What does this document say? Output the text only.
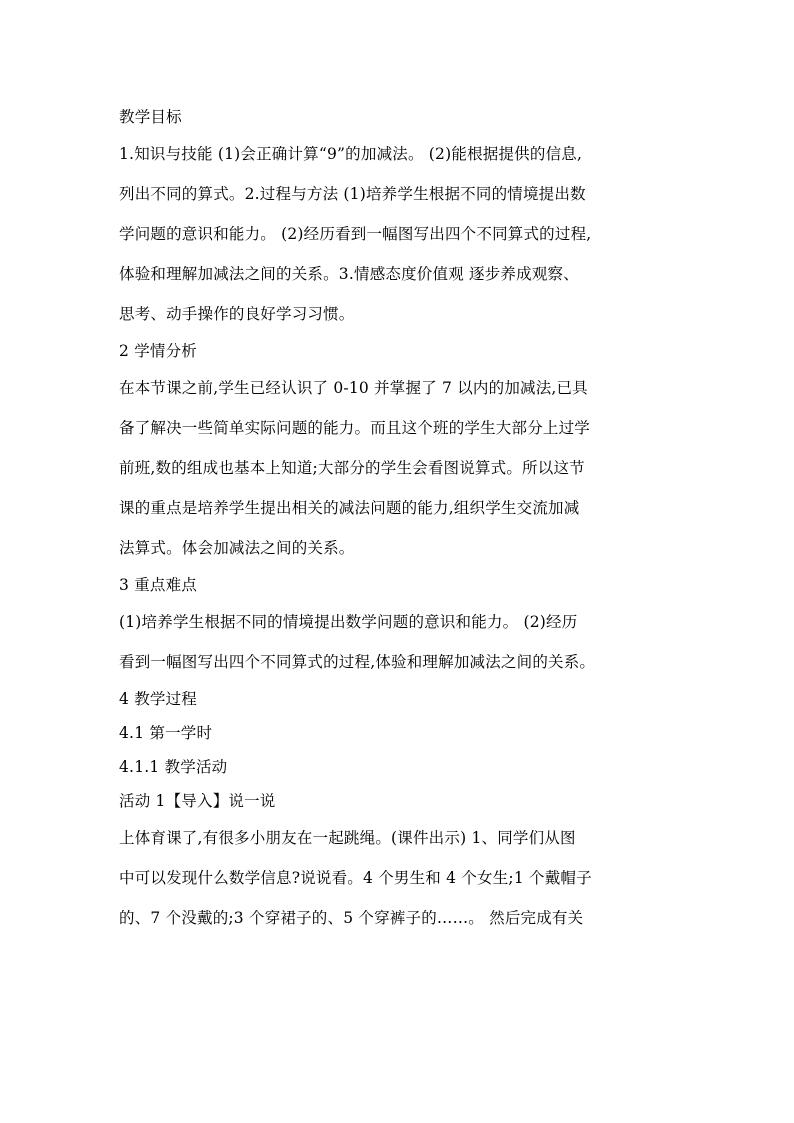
教学目标

1.知识与技能 (1)会正确计算“9”的加减法。 (2)能根据提供的信息,
列出不同的算式。2.过程与方法 (1)培养学生根据不同的情境提出数
学问题的意识和能力。 (2)经历看到一幅图写出四个不同算式的过程,
体验和理解加减法之间的关系。3.情感态度价值观 逐步养成观察、
思考、动手操作的良好学习习惯。

2 学情分析

在本节课之前,学生已经认识了 0-10 并掌握了 7 以内的加减法,已具
备了解决一些简单实际问题的能力。而且这个班的学生大部分上过学
前班,数的组成也基本上知道;大部分的学生会看图说算式。所以这节
课的重点是培养学生提出相关的减法问题的能力,组织学生交流加减
法算式。体会加减法之间的关系。

3 重点难点

(1)培养学生根据不同的情境提出数学问题的意识和能力。 (2)经历
看到一幅图写出四个不同算式的过程,体验和理解加减法之间的关系。

4 教学过程

4.1 第一学时

4.1.1 教学活动

活动 1【导入】说一说

上体育课了,有很多小朋友在一起跳绳。(课件出示) 1、同学们从图
中可以发现什么数学信息?说说看。4 个男生和 4 个女生;1 个戴帽子
的、7 个没戴的;3 个穿裙子的、5 个穿裤子的……。 然后完成有关
